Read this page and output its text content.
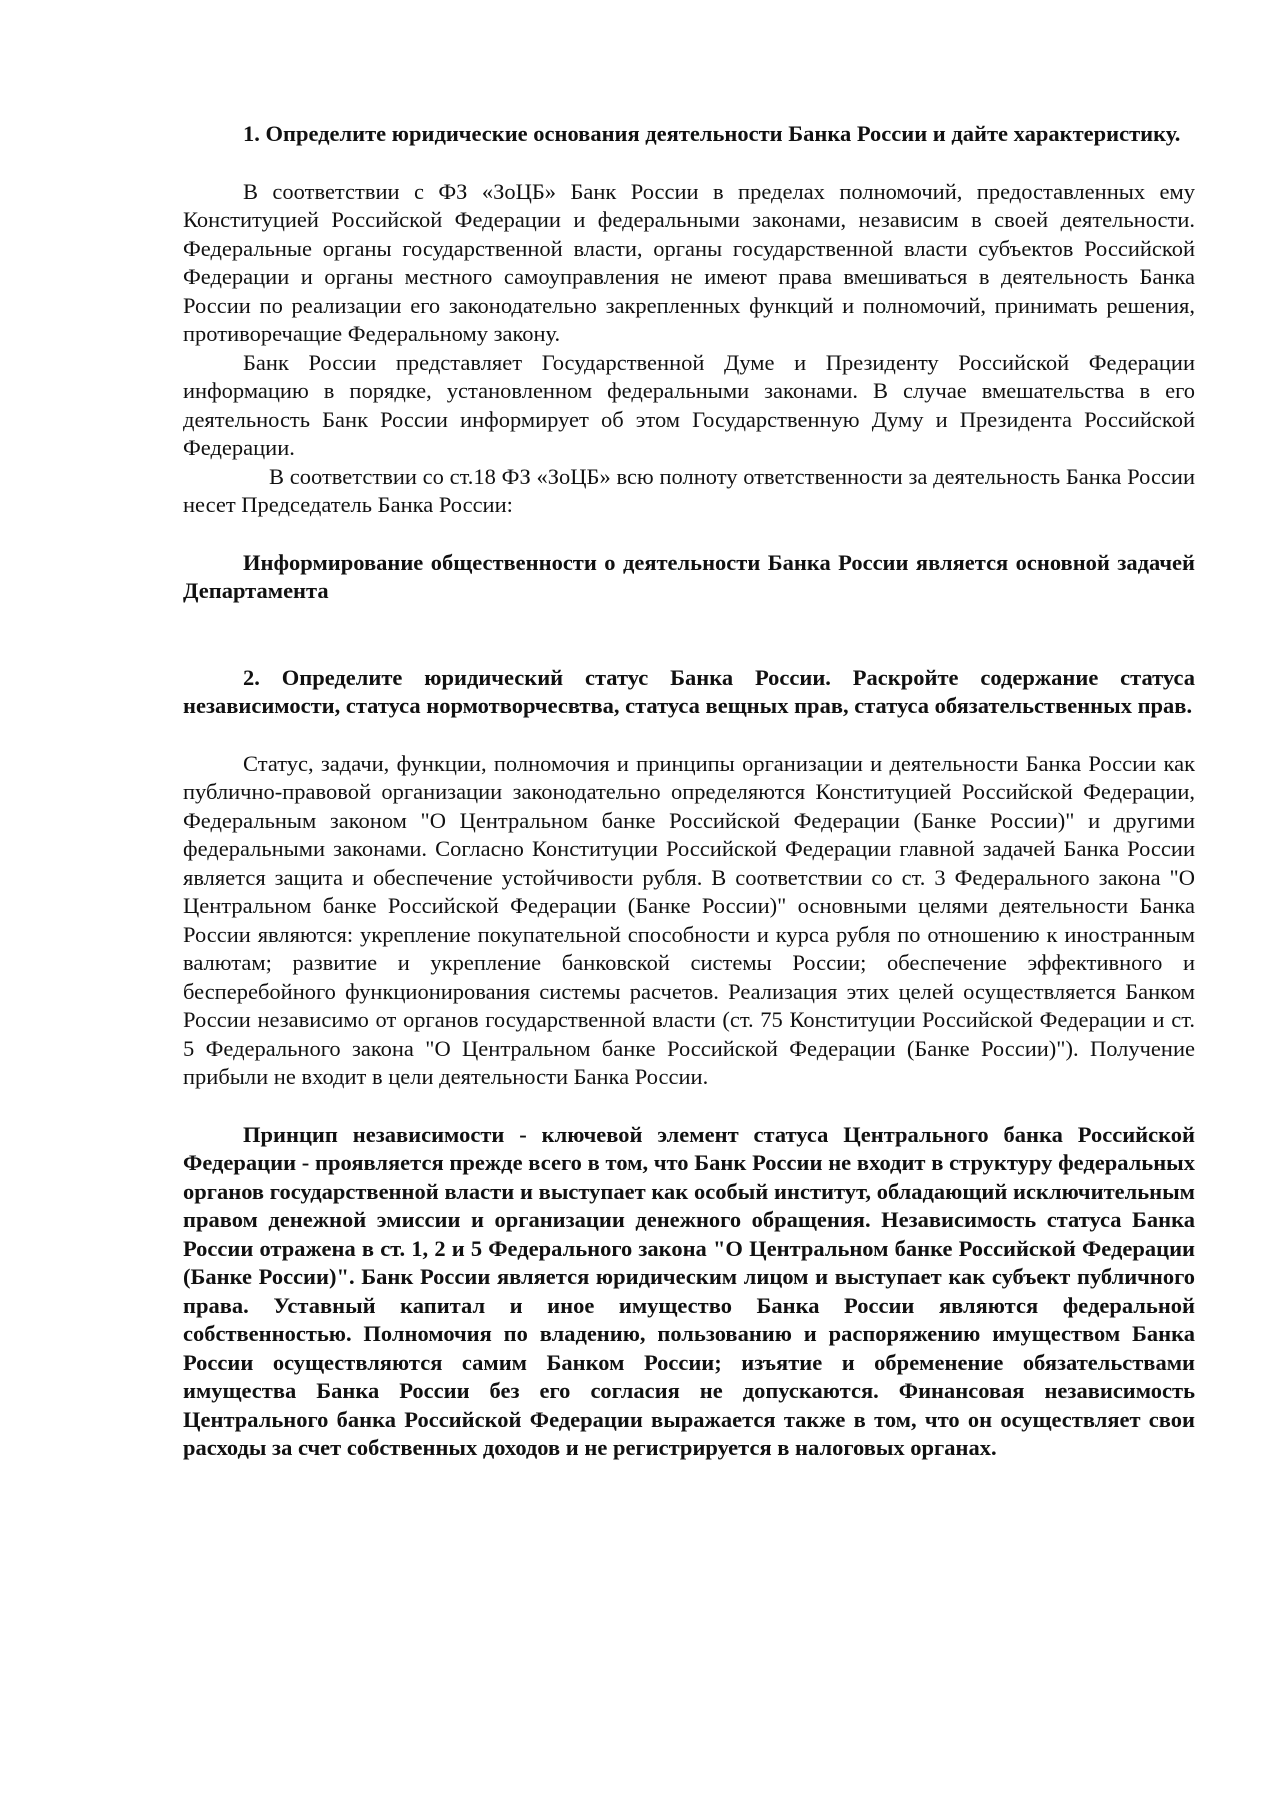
1. Определите юридические основания деятельности Банка России и дайте характеристику.

В соответствии с ФЗ «ЗоЦБ» Банк России в пределах полномочий, предоставленных ему Конституцией Российской Федерации и федеральными законами, независим в своей деятельности. Федеральные органы государственной власти, органы государственной власти субъектов Российской Федерации и органы местного самоуправления не имеют права вмешиваться в деятельность Банка России по реализации его законодательно закрепленных функций и полномочий, принимать решения, противоречащие Федеральному закону.

Банк России представляет Государственной Думе и Президенту Российской Федерации информацию в порядке, установленном федеральными законами. В случае вмешательства в его деятельность Банк России информирует об этом Государственную Думу и Президента Российской Федерации.

В соответствии со ст.18 ФЗ «ЗоЦБ» всю полноту ответственности за деятельность Банка России несет Председатель Банка России:

Информирование общественности о деятельности Банка России является основной задачей Департамента

2. Определите юридический статус Банка России. Раскройте содержание статуса независимости, статуса нормотворчесвтва, статуса вещных прав, статуса обязательственных прав.

Статус, задачи, функции, полномочия и принципы организации и деятельности Банка России как публично-правовой организации законодательно определяются Конституцией Российской Федерации, Федеральным законом "О Центральном банке Российской Федерации (Банке России)" и другими федеральными законами. Согласно Конституции Российской Федерации главной задачей Банка России является защита и обеспечение устойчивости рубля. В соответствии со ст. 3 Федерального закона "О Центральном банке Российской Федерации (Банке России)" основными целями деятельности Банка России являются: укрепление покупательной способности и курса рубля по отношению к иностранным валютам; развитие и укрепление банковской системы России; обеспечение эффективного и бесперебойного функционирования системы расчетов. Реализация этих целей осуществляется Банком России независимо от органов государственной власти (ст. 75 Конституции Российской Федерации и ст. 5 Федерального закона "О Центральном банке Российской Федерации (Банке России)"). Получение прибыли не входит в цели деятельности Банка России.

Принцип независимости - ключевой элемент статуса Центрального банка Российской Федерации - проявляется прежде всего в том, что Банк России не входит в структуру федеральных органов государственной власти и выступает как особый институт, обладающий исключительным правом денежной эмиссии и организации денежного обращения. Независимость статуса Банка России отражена в ст. 1, 2 и 5 Федерального закона "О Центральном банке Российской Федерации (Банке России)". Банк России является юридическим лицом и выступает как субъект публичного права. Уставный капитал и иное имущество Банка России являются федеральной собственностью. Полномочия по владению, пользованию и распоряжению имуществом Банка России осуществляются самим Банком России; изъятие и обременение обязательствами имущества Банка России без его согласия не допускаются. Финансовая независимость Центрального банка Российской Федерации выражается также в том, что он осуществляет свои расходы за счет собственных доходов и не регистрируется в налоговых органах.
